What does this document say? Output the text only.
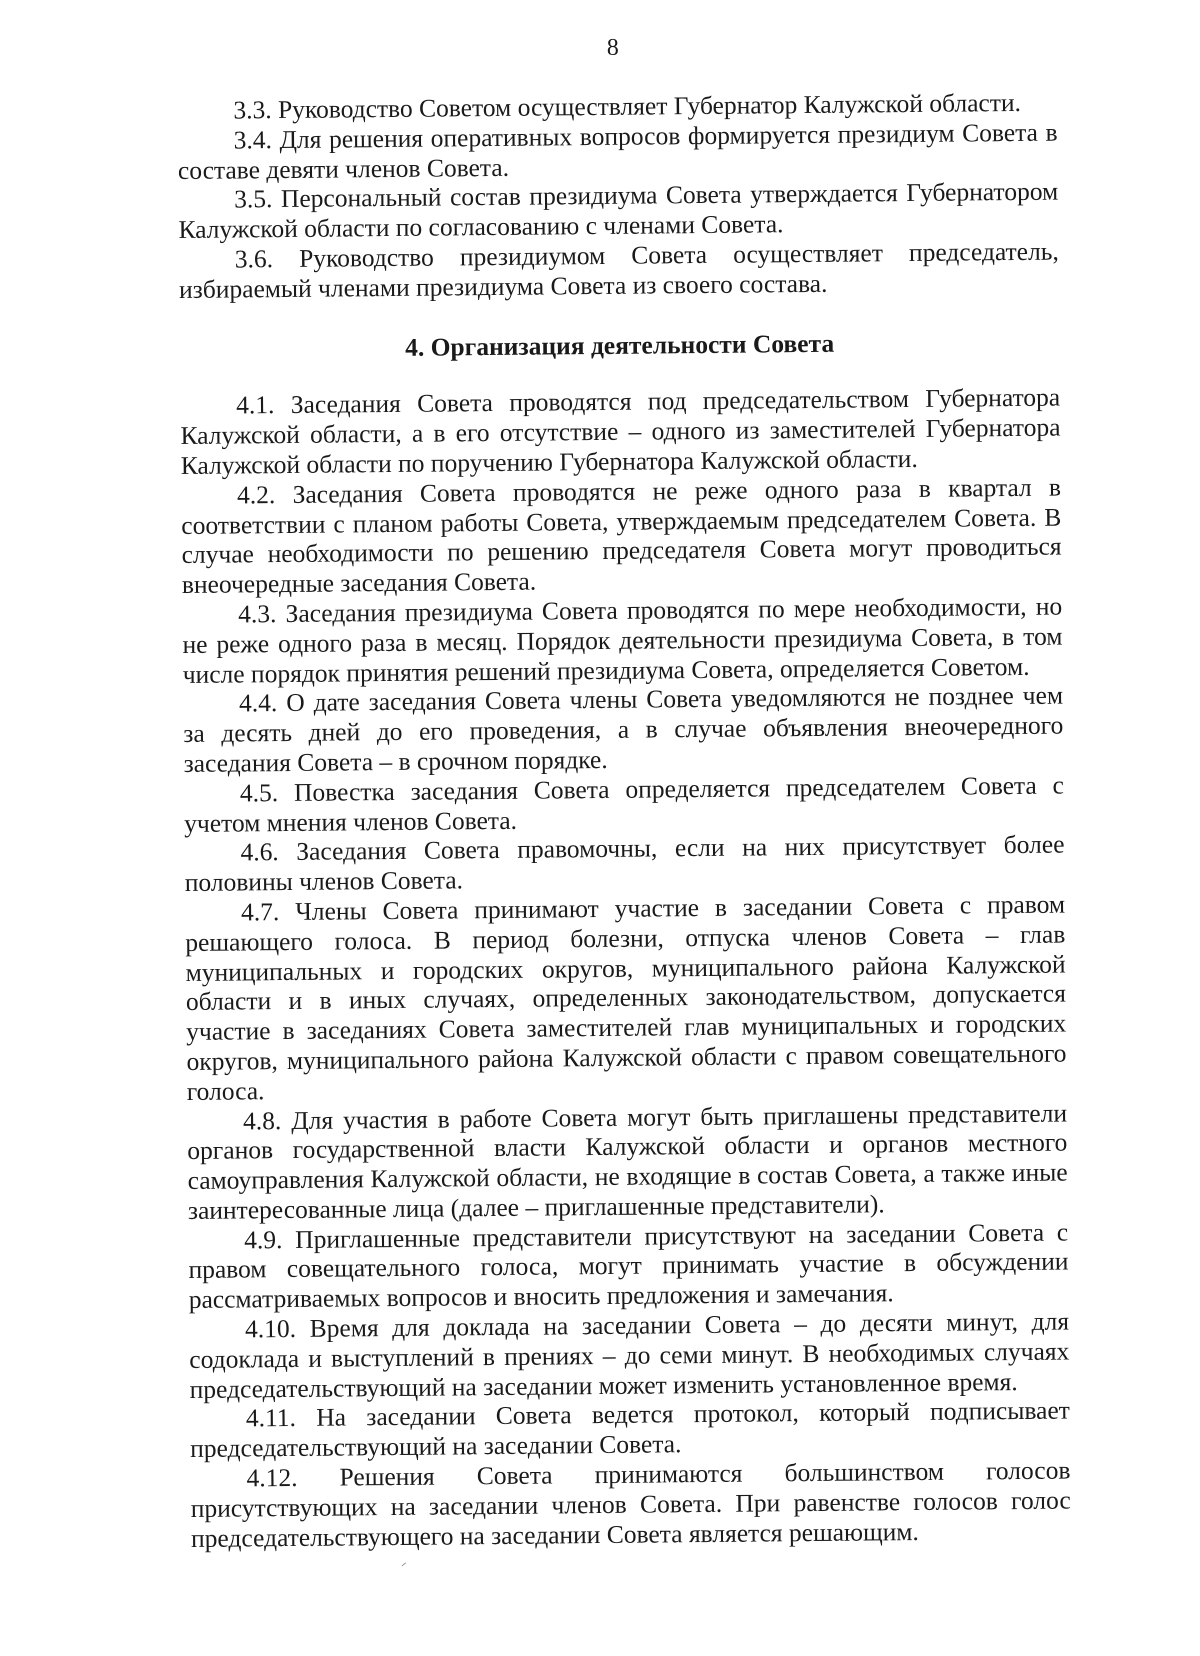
8

3.3. Руководство Советом осуществляет Губернатор Калужской области.

3.4. Для решения оперативных вопросов формируется президиум Совета в составе девяти членов Совета.

3.5. Персональный состав президиума Совета утверждается Губернатором Калужской области по согласованию с членами Совета.

3.6. Руководство президиумом Совета осуществляет председатель, избираемый членами президиума Совета из своего состава.

4. Организация деятельности Совета

4.1. Заседания Совета проводятся под председательством Губернатора Калужской области, а в его отсутствие – одного из заместителей Губернатора Калужской области по поручению Губернатора Калужской области.

4.2. Заседания Совета проводятся не реже одного раза в квартал в соответствии с планом работы Совета, утверждаемым председателем Совета. В случае необходимости по решению председателя Совета могут проводиться внеочередные заседания Совета.

4.3. Заседания президиума Совета проводятся по мере необходимости, но не реже одного раза в месяц. Порядок деятельности президиума Совета, в том числе порядок принятия решений президиума Совета, определяется Советом.

4.4. О дате заседания Совета члены Совета уведомляются не позднее чем за десять дней до его проведения, а в случае объявления внеочередного заседания Совета – в срочном порядке.

4.5. Повестка заседания Совета определяется председателем Совета с учетом мнения членов Совета.

4.6. Заседания Совета правомочны, если на них присутствует более половины членов Совета.

4.7. Члены Совета принимают участие в заседании Совета с правом решающего голоса. В период болезни, отпуска членов Совета – глав муниципальных и городских округов, муниципального района Калужской области и в иных случаях, определенных законодательством, допускается участие в заседаниях Совета заместителей глав муниципальных и городских округов, муниципального района Калужской области с правом совещательного голоса.

4.8. Для участия в работе Совета могут быть приглашены представители органов государственной власти Калужской области и органов местного самоуправления Калужской области, не входящие в состав Совета, а также иные заинтересованные лица (далее – приглашенные представители).

4.9. Приглашенные представители присутствуют на заседании Совета с правом совещательного голоса, могут принимать участие в обсуждении рассматриваемых вопросов и вносить предложения и замечания.

4.10. Время для доклада на заседании Совета – до десяти минут, для содоклада и выступлений в прениях – до семи минут. В необходимых случаях председательствующий на заседании может изменить установленное время.

4.11. На заседании Совета ведется протокол, который подписывает председательствующий на заседании Совета.

4.12. Решения Совета принимаются большинством голосов присутствующих на заседании членов Совета. При равенстве голосов голос председательствующего на заседании Совета является решающим.
